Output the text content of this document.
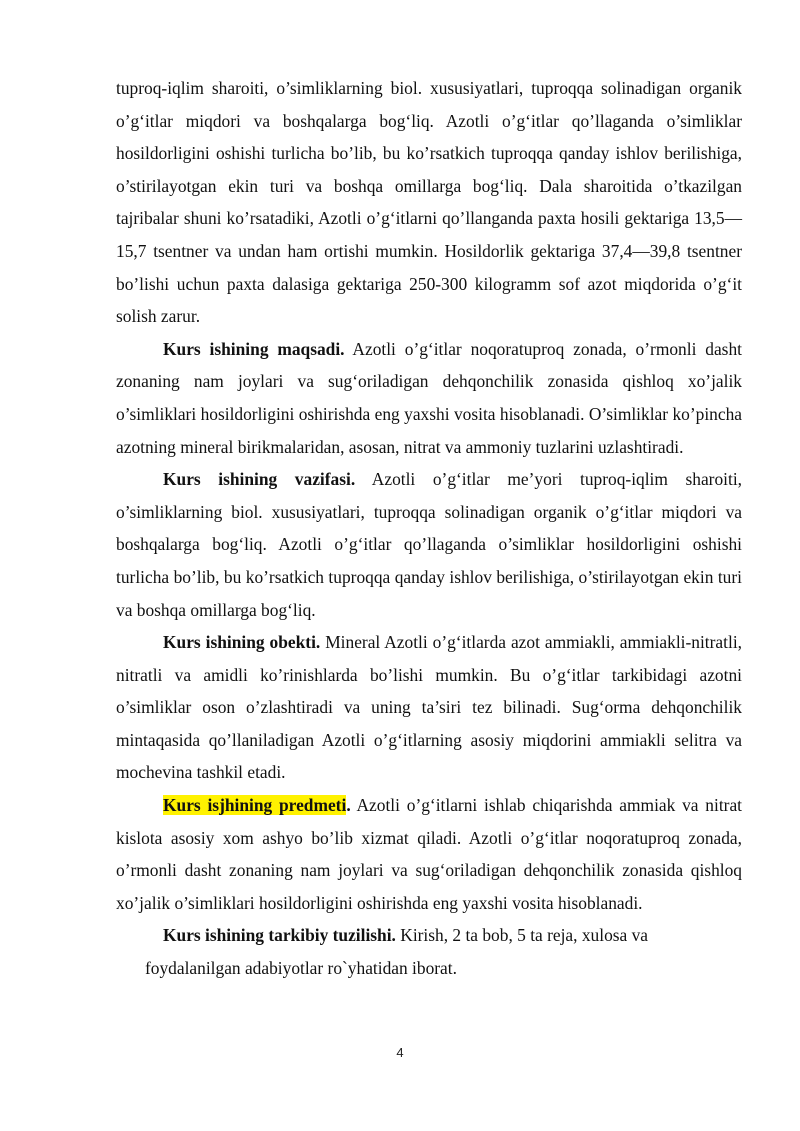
tuproq-iqlim sharoiti, o’simliklarning biol. xususiyatlari, tuproqqa solinadigan organik o’g‘itlar miqdori va boshqalarga bog‘liq. Azotli o’g‘itlar qo’llaganda o’simliklar hosildorligini oshishi turlicha bo’lib, bu ko’rsatkich tuproqqa qanday ishlov berilishiga, o’stirilayotgan ekin turi va boshqa omillarga bog‘liq. Dala sharoitida o’tkazilgan tajribalar shuni ko’rsatadiki, Azotli o’g‘itlarni qo’llanganda paxta hosili gektariga 13,5—15,7 tsentner va undan ham ortishi mumkin. Hosildorlik gektariga 37,4—39,8 tsentner bo’lishi uchun paxta dalasiga gektariga 250-300 kilogramm sof azot miqdorida o’g‘it solish zarur.

Kurs ishining maqsadi. Azotli o’g‘itlar noqoratuproq zonada, o’rmonli dasht zonaning nam joylari va sug‘oriladigan dehqonchilik zonasida qishloq xo’jalik o’simliklari hosildorligini oshirishda eng yaxshi vosita hisoblanadi. O’simliklar ko’pincha azotning mineral birikmalaridan, asosan, nitrat va ammoniy tuzlarini uzlashtiradi.

Kurs ishining vazifasi. Azotli o’g‘itlar me’yori tuproq-iqlim sharoiti, o’simliklarning biol. xususiyatlari, tuproqqa solinadigan organik o’g‘itlar miqdori va boshqalarga bog‘liq. Azotli o’g‘itlar qo’llaganda o’simliklar hosildorligini oshishi turlicha bo’lib, bu ko’rsatkich tuproqqa qanday ishlov berilishiga, o’stirilayotgan ekin turi va boshqa omillarga bog‘liq.

Kurs ishining obekti. Mineral Azotli o’g‘itlarda azot ammiakli, ammiakli-nitratli, nitratli va amidli ko’rinishlarda bo’lishi mumkin. Bu o’g‘itlar tarkibidagi azotni o’simliklar oson o’zlashtiradi va uning ta’siri tez bilinadi. Sug‘orma dehqonchilik mintaqasida qo’llaniladigan Azotli o’g‘itlarning asosiy miqdorini ammiakli selitra va mochevina tashkil etadi.

Kurs isjhining predmeti. Azotli o’g‘itlarni ishlab chiqarishda ammiak va nitrat kislota asosiy xom ashyo bo’lib xizmat qiladi. Azotli o’g‘itlar noqoratuproq zonada, o’rmonli dasht zonaning nam joylari va sug‘oriladigan dehqonchilik zonasida qishloq xo’jalik o’simliklari hosildorligini oshirishda eng yaxshi vosita hisoblanadi.

Kurs ishining tarkibiy tuzilishi. Kirish, 2 ta bob, 5 ta reja, xulosa va
foydalanilgan adabiyotlar ro`yhatidan iborat.

4
